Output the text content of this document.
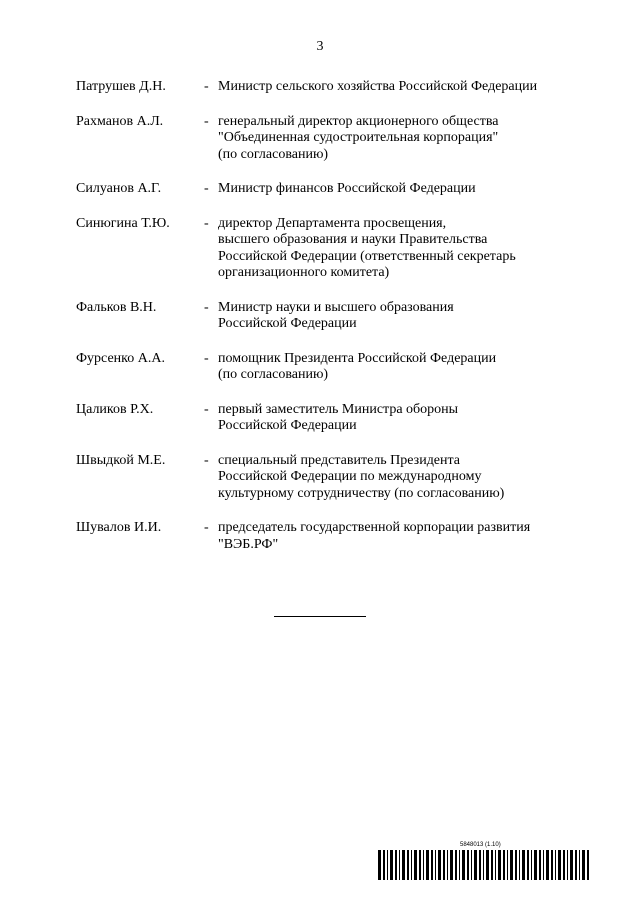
3
Патрушев Д.Н.	- Министр сельского хозяйства Российской Федерации
Рахманов А.Л.	- генеральный директор акционерного общества
"Объединенная судостроительная корпорация"
(по согласованию)
Силуанов А.Г.	- Министр финансов Российской Федерации
Синюгина Т.Ю.	- директор Департамента просвещения,
высшего образования и науки Правительства
Российской Федерации (ответственный секретарь
организационного комитета)
Фальков В.Н.	- Министр науки и высшего образования
Российской Федерации
Фурсенко А.А.	- помощник Президента Российской Федерации
(по согласованию)
Цаликов Р.Х.	- первый заместитель Министра обороны
Российской Федерации
Швыдкой М.Е.	- специальный представитель Президента
Российской Федерации по международному
культурному сотрудничеству (по согласованию)
Шувалов И.И.	- председатель государственной корпорации развития
"ВЭБ.РФ"
5848013 (1.10)
